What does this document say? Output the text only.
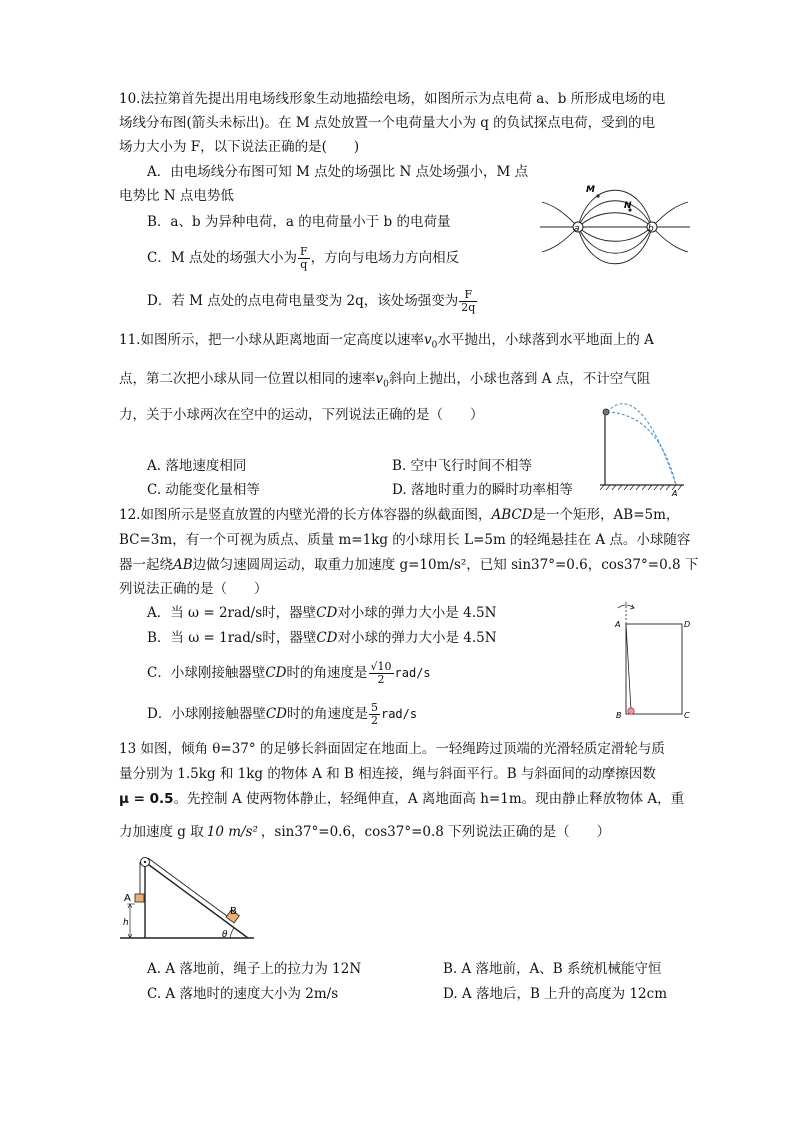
10.法拉第首先提出用电场线形象生动地描绘电场，如图所示为点电荷 a、b 所形成电场的电
场线分布图(箭头未标出)。在 M 点处放置一个电荷量大小为 q 的负试探点电荷，受到的电
场力大小为 F，以下说法正确的是(　　)
A．由电场线分布图可知 M 点处的场强比 N 点处场强小，M 点
电势比 N 点电势低
B．a、b 为异种电荷，a 的电荷量小于 b 的电荷量
C．M 点处的场强大小为 $\frac{F}{q}$ ，方向与电场力方向相反
D．若 M 点处的点电荷电量变为 2q，该处场强变为 $\frac{F}{2q}$
a	b
M
N
11.如图所示，把一小球从距离地面一定高度以速率$v_0$水平抛出，小球落到水平地面上的 A
点，第二次把小球从同一位置以相同的速率$v_0$斜向上抛出，小球也落到 A 点，不计空气阻
力，关于小球两次在空中的运动，下列说法正确的是（　　）
A. 落地速度相同	B. 空中飞行时间不相等
C. 动能变化量相等	D. 落地时重力的瞬时功率相等	A
12.如图所示是竖直放置的内壁光滑的长方体容器的纵截面图，ABCD是一个矩形，AB=5m，
BC=3m，有一个可视为质点、质量 m=1kg 的小球用长 L=5m 的轻绳悬挂在 A 点。小球随容
器一起绕AB边做匀速圆周运动，取重力加速度 g=10m/s²，已知 sin37°=0.6，cos37°=0.8 下
列说法正确的是（　　）
A．当 ω = 2rad/s时，器壁CD对小球的弹力大小是 4.5N
B．当 ω = 1rad/s时，器壁CD对小球的弹力大小是 4.5N
C．小球刚接触器壁CD时的角速度是 $\frac{√10}{2} rad/s$
D．小球刚接触器壁CD时的角速度是 $\frac{5}{2} rad/s$
A	D
B	C
13 如图，倾角 θ=37° 的足够长斜面固定在地面上。一轻绳跨过顶端的光滑轻质定滑轮与质
量分别为 1.5kg 和 1kg 的物体 A 和 B 相连接，绳与斜面平行。B 与斜面间的动摩擦因数
μ = 0.5。先控制 A 使两物体静止，轻绳伸直，A 离地面高 h=1m。现由静止释放物体 A，重
力加速度 g 取 10 m/s² ，sin37°=0.6，cos37°=0.8 下列说法正确的是（　　）
A. A 落地前，绳子上的拉力为 12N	B. A 落地前，A、B 系统机械能守恒
C. A 落地时的速度大小为 2m/s	D. A 落地后，B 上升的高度为 12cm
A
h
B
θ
